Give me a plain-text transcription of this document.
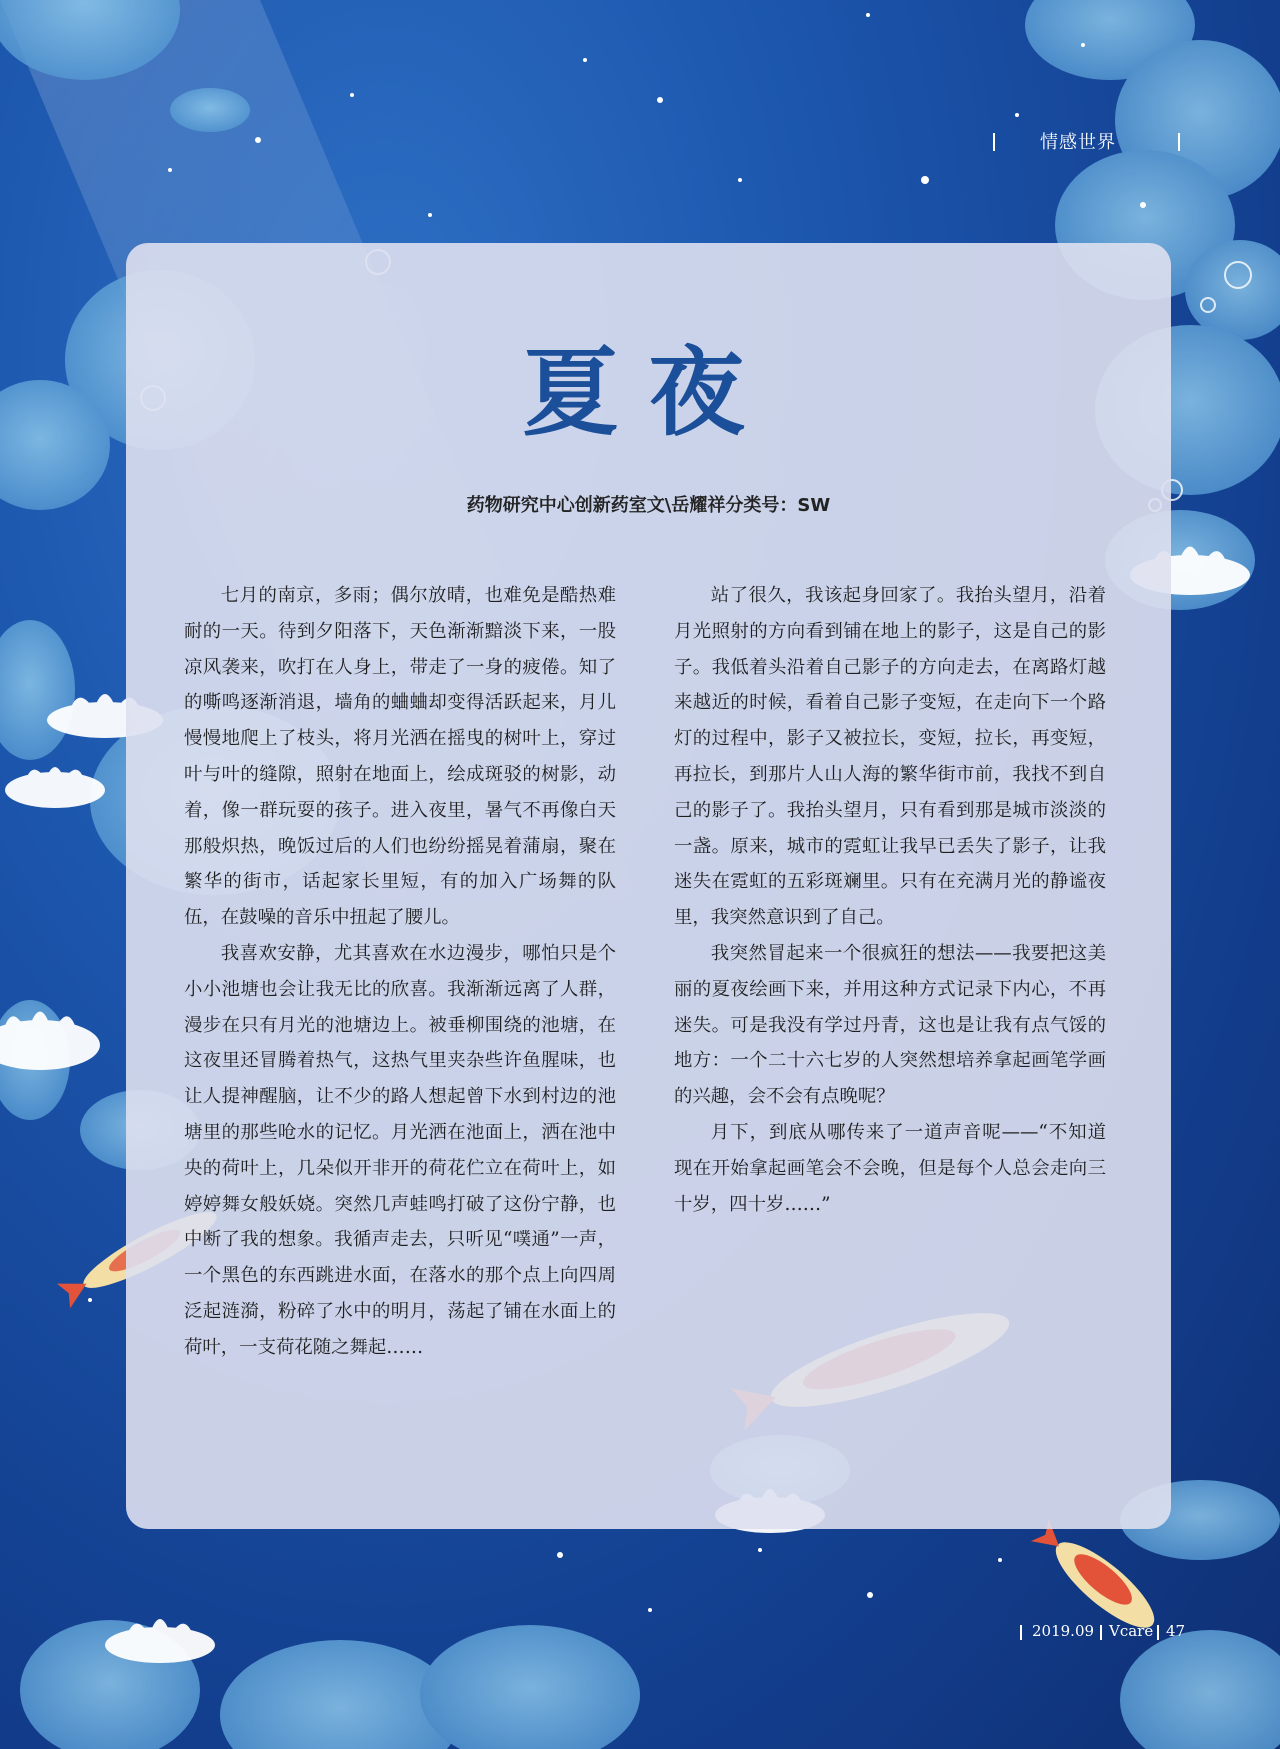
情感世界
夏夜
药物研究中心创新药室文\岳耀祥分类号：SW

七月的南京，多雨；偶尔放晴，也难免是酷热难耐的一天。待到夕阳落下，天色渐渐黯淡下来，一股凉风袭来，吹打在人身上，带走了一身的疲倦。知了的嘶鸣逐渐消退，墙角的蛐蛐却变得活跃起来，月儿慢慢地爬上了枝头，将月光洒在摇曳的树叶上，穿过叶与叶的缝隙，照射在地面上，绘成斑驳的树影，动着，像一群玩耍的孩子。进入夜里，暑气不再像白天那般炽热，晚饭过后的人们也纷纷摇晃着蒲扇，聚在繁华的街市，话起家长里短，有的加入广场舞的队伍，在鼓噪的音乐中扭起了腰儿。

我喜欢安静，尤其喜欢在水边漫步，哪怕只是个小小池塘也会让我无比的欣喜。我渐渐远离了人群，漫步在只有月光的池塘边上。被垂柳围绕的池塘，在这夜里还冒腾着热气，这热气里夹杂些许鱼腥味，也让人提神醒脑，让不少的路人想起曾下水到村边的池塘里的那些呛水的记忆。月光洒在池面上，洒在池中央的荷叶上，几朵似开非开的荷花伫立在荷叶上，如婷婷舞女般妖娆。突然几声蛙鸣打破了这份宁静，也中断了我的想象。我循声走去，只听见“噗通”一声，一个黑色的东西跳进水面，在落水的那个点上向四周泛起涟漪，粉碎了水中的明月，荡起了铺在水面上的荷叶，一支荷花随之舞起……

站了很久，我该起身回家了。我抬头望月，沿着月光照射的方向看到铺在地上的影子，这是自己的影子。我低着头沿着自己影子的方向走去，在离路灯越来越近的时候，看着自己影子变短，在走向下一个路灯的过程中，影子又被拉长，变短，拉长，再变短，再拉长，到那片人山人海的繁华街市前，我找不到自己的影子了。我抬头望月，只有看到那是城市淡淡的一盏。原来，城市的霓虹让我早已丢失了影子，让我迷失在霓虹的五彩斑斓里。只有在充满月光的静谧夜里，我突然意识到了自己。

我突然冒起来一个很疯狂的想法——我要把这美丽的夏夜绘画下来，并用这种方式记录下内心，不再迷失。可是我没有学过丹青，这也是让我有点气馁的地方：一个二十六七岁的人突然想培养拿起画笔学画的兴趣，会不会有点晚呢？

月下，到底从哪传来了一道声音呢——“不知道现在开始拿起画笔会不会晚，但是每个人总会走向三十岁，四十岁……”

2019.09 Vcare 47
